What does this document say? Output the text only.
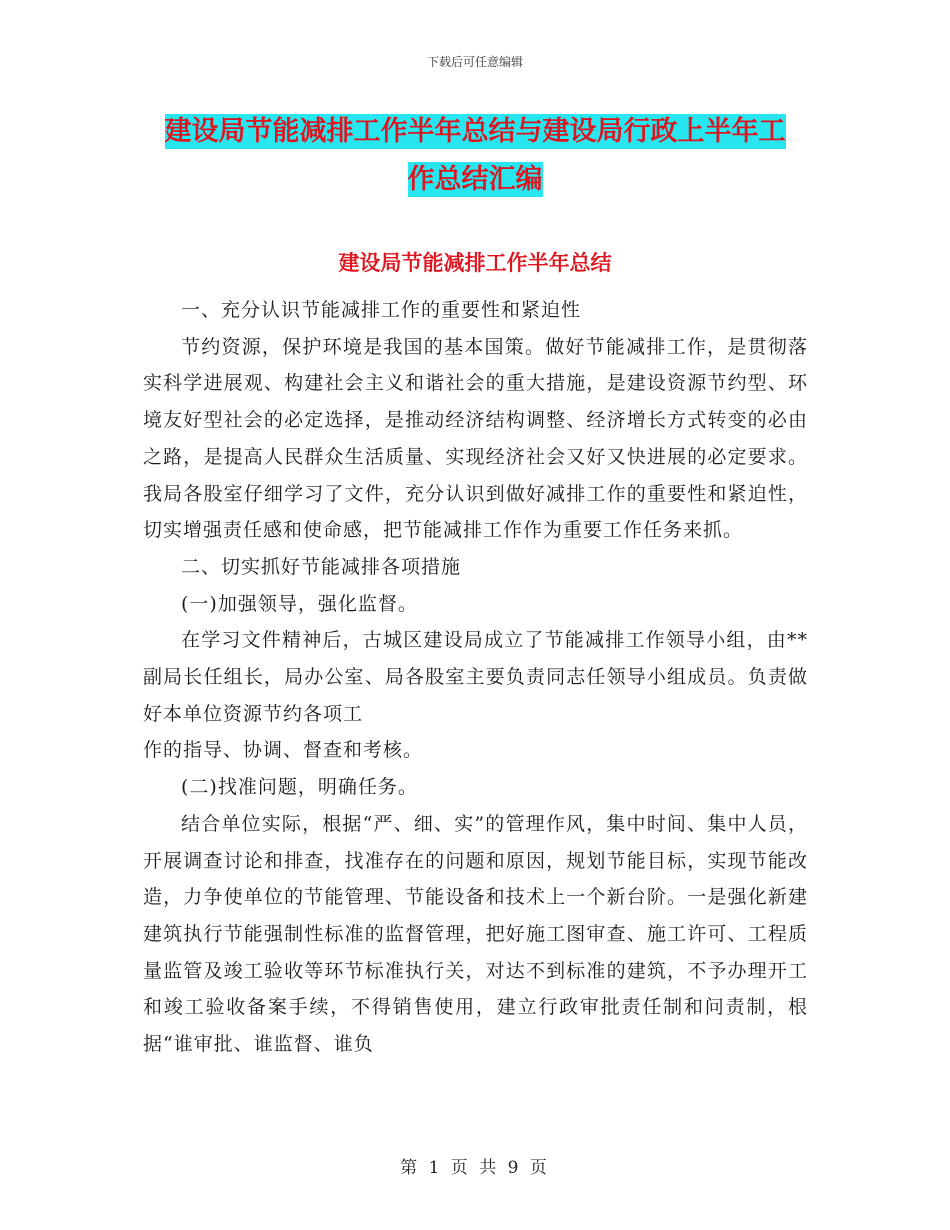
下载后可任意编辑
建设局节能减排工作半年总结与建设局行政上半年工
作总结汇编
建设局节能减排工作半年总结

一、充分认识节能减排工作的重要性和紧迫性

节约资源，保护环境是我国的基本国策。做好节能减排工作，是贯彻落实科学进展观、构建社会主义和谐社会的重大措施，是建设资源节约型、环境友好型社会的必定选择，是推动经济结构调整、经济增长方式转变的必由之路，是提高人民群众生活质量、实现经济社会又好又快进展的必定要求。我局各股室仔细学习了文件，充分认识到做好减排工作的重要性和紧迫性，切实增强责任感和使命感，把节能减排工作作为重要工作任务来抓。

二、切实抓好节能减排各项措施

(一)加强领导，强化监督。

在学习文件精神后，古城区建设局成立了节能减排工作领导小组，由**副局长任组长，局办公室、局各股室主要负责同志任领导小组成员。负责做好本单位资源节约各项工

作的指导、协调、督查和考核。

(二)找准问题，明确任务。

结合单位实际，根据“严、细、实”的管理作风，集中时间、集中人员，开展调查讨论和排查，找准存在的问题和原因，规划节能目标，实现节能改造，力争使单位的节能管理、节能设备和技术上一个新台阶。一是强化新建建筑执行节能强制性标准的监督管理，把好施工图审查、施工许可、工程质量监管及竣工验收等环节标准执行关，对达不到标准的建筑，不予办理开工和竣工验收备案手续，不得销售使用，建立行政审批责任制和问责制，根据“谁审批、谁监督、谁负

第 1 页 共 9 页
